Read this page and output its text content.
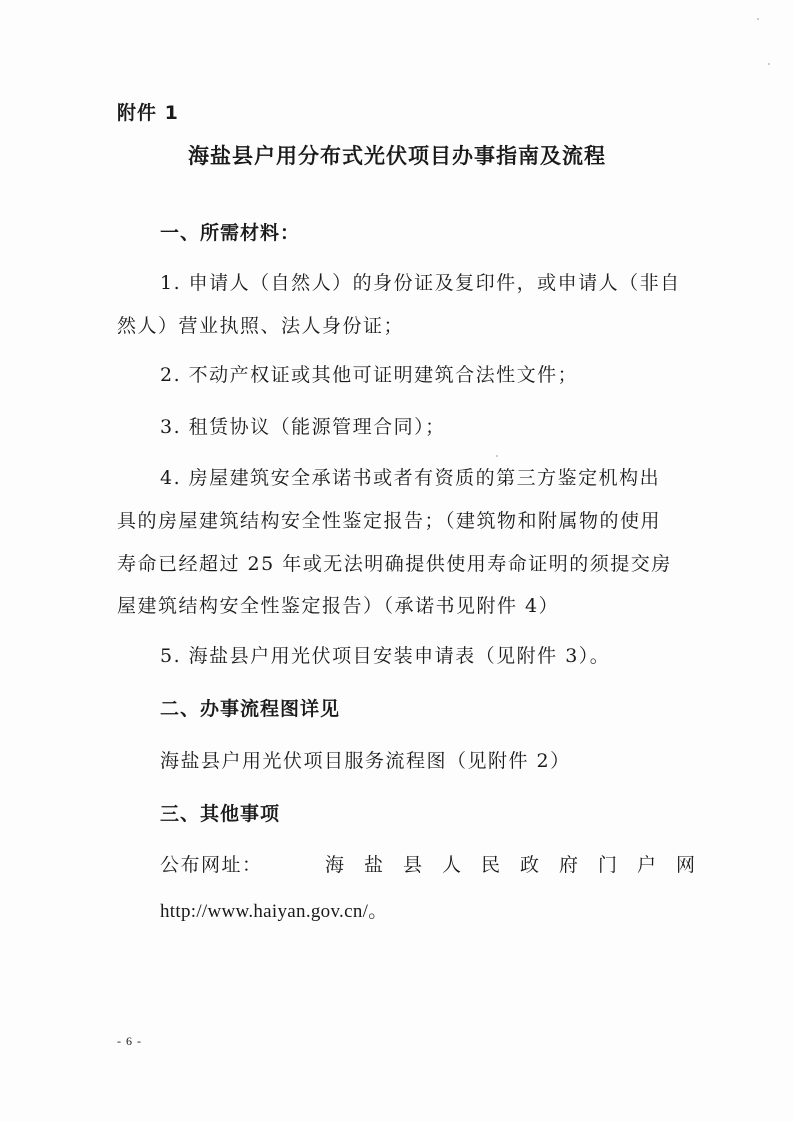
附件 1
海盐县户用分布式光伏项目办事指南及流程
一、所需材料：
1. 申请人（自然人）的身份证及复印件，或申请人（非自
然人）营业执照、法人身份证；
2. 不动产权证或其他可证明建筑合法性文件；
3. 租赁协议（能源管理合同）；
4. 房屋建筑安全承诺书或者有资质的第三方鉴定机构出
具的房屋建筑结构安全性鉴定报告；（建筑物和附属物的使用
寿命已经超过 25 年或无法明确提供使用寿命证明的须提交房
屋建筑结构安全性鉴定报告）（承诺书见附件 4）
5. 海盐县户用光伏项目安装申请表（见附件 3）。
二、办事流程图详见
海盐县户用光伏项目服务流程图（见附件 2）
三、其他事项
公布网址：	海盐县人民政府门户网
http://www.haiyan.gov.cn/。
- 6 -
